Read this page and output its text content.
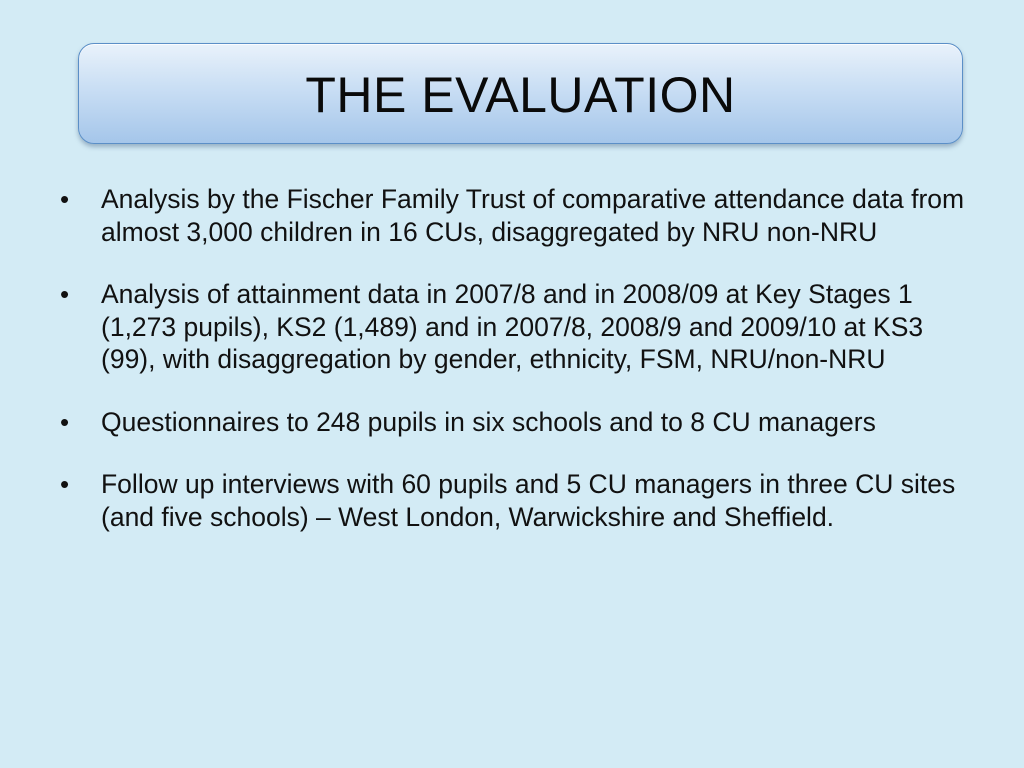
THE EVALUATION
• Analysis by the Fischer Family Trust of comparative attendance data from almost 3,000 children in 16 CUs, disaggregated by NRU non-NRU
• Analysis of attainment data in 2007/8 and in 2008/09 at Key Stages 1 (1,273 pupils), KS2 (1,489) and in 2007/8, 2008/9 and 2009/10 at KS3 (99), with disaggregation by gender, ethnicity, FSM, NRU/non-NRU
• Questionnaires to 248 pupils in six schools and to 8 CU managers
• Follow up interviews with 60 pupils and 5 CU managers in three CU sites (and five schools) – West London, Warwickshire and Sheffield.
